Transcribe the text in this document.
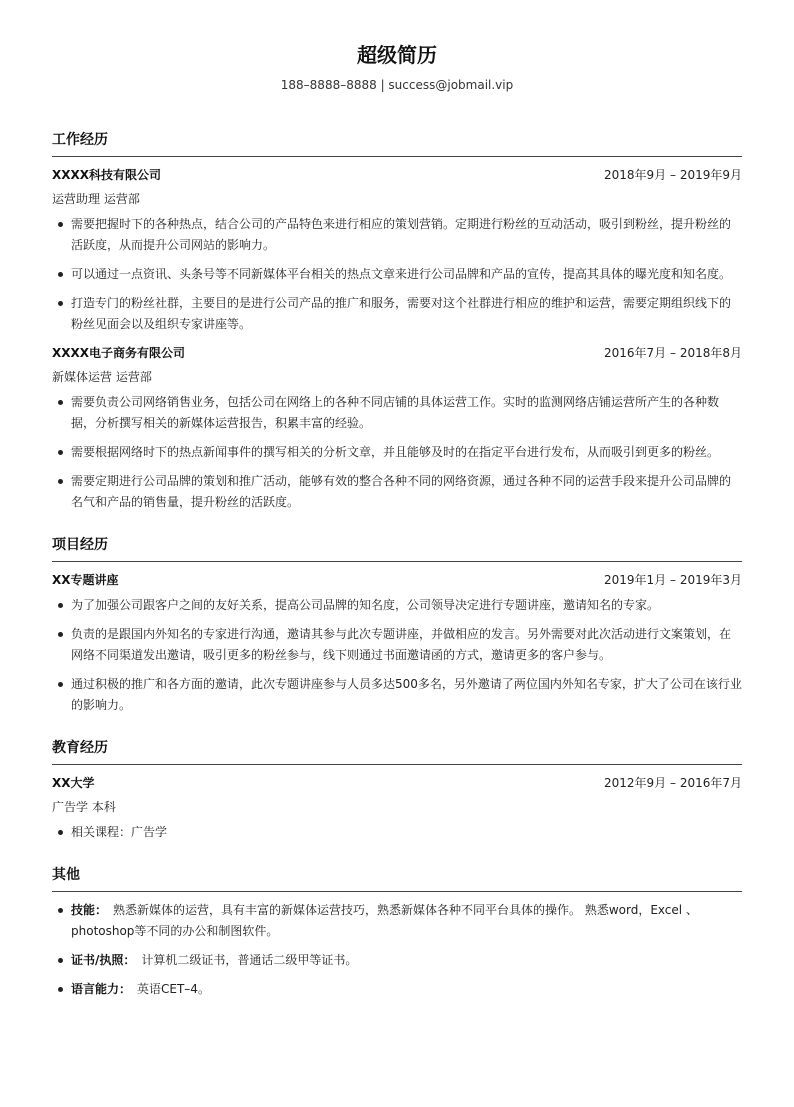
超级简历
188–8888–8888 | success@jobmail.vip
工作经历
XXXX科技有限公司	2018年9月 – 2019年9月
运营助理 运营部
需要把握时下的各种热点，结合公司的产品特色来进行相应的策划营销。定期进行粉丝的互动活动，吸引到粉丝，提升粉丝的活跃度，从而提升公司网站的影响力。
可以通过一点资讯、头条号等不同新媒体平台相关的热点文章来进行公司品牌和产品的宣传，提高其具体的曝光度和知名度。
打造专门的粉丝社群，主要目的是进行公司产品的推广和服务，需要对这个社群进行相应的维护和运营，需要定期组织线下的粉丝见面会以及组织专家讲座等。
XXXX电子商务有限公司	2016年7月 – 2018年8月
新媒体运营 运营部
需要负责公司网络销售业务，包括公司在网络上的各种不同店铺的具体运营工作。实时的监测网络店铺运营所产生的各种数据，分析撰写相关的新媒体运营报告，积累丰富的经验。
需要根据网络时下的热点新闻事件的撰写相关的分析文章，并且能够及时的在指定平台进行发布，从而吸引到更多的粉丝。
需要定期进行公司品牌的策划和推广活动，能够有效的整合各种不同的网络资源，通过各种不同的运营手段来提升公司品牌的名气和产品的销售量，提升粉丝的活跃度。
项目经历
XX专题讲座	2019年1月 – 2019年3月
为了加强公司跟客户之间的友好关系，提高公司品牌的知名度，公司领导决定进行专题讲座，邀请知名的专家。
负责的是跟国内外知名的专家进行沟通，邀请其参与此次专题讲座，并做相应的发言。另外需要对此次活动进行文案策划，在网络不同渠道发出邀请，吸引更多的粉丝参与，线下则通过书面邀请函的方式，邀请更多的客户参与。
通过积极的推广和各方面的邀请，此次专题讲座参与人员多达500多名，另外邀请了两位国内外知名专家，扩大了公司在该行业的影响力。
教育经历
XX大学	2012年9月 – 2016年7月
广告学 本科
相关课程：广告学
其他
技能： 熟悉新媒体的运营，具有丰富的新媒体运营技巧，熟悉新媒体各种不同平台具体的操作。 熟悉word，Excel 、photoshop等不同的办公和制图软件。
证书/执照： 计算机二级证书，普通话二级甲等证书。
语言能力： 英语CET–4。
